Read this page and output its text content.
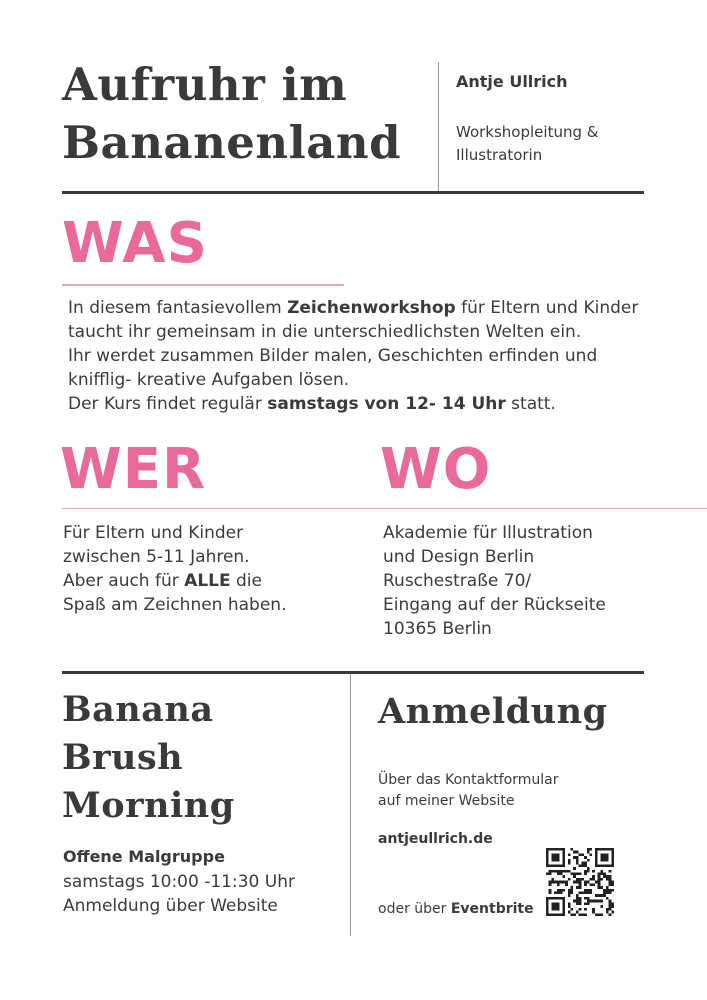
Aufruhr im
Bananenland
Antje Ullrich
Workshopleitung &
Illustratorin
WAS
In diesem fantasievollem Zeichenworkshop für Eltern und Kinder
taucht ihr gemeinsam in die unterschiedlichsten Welten ein.
Ihr werdet zusammen Bilder malen, Geschichten erfinden und
knifflig- kreative Aufgaben lösen.
Der Kurs findet regulär samstags von 12- 14 Uhr statt.
WER	WO
Für Eltern und Kinder
zwischen 5-11 Jahren.
Aber auch für ALLE die
Spaß am Zeichnen haben.
Akademie für Illustration
und Design Berlin
Ruschestraße 70/
Eingang auf der Rückseite
10365 Berlin
Banana
Brush
Morning
Offene Malgruppe
samstags 10:00 -11:30 Uhr
Anmeldung über Website
Anmeldung
Über das Kontaktformular
auf meiner Website
antjeullrich.de
oder über Eventbrite
